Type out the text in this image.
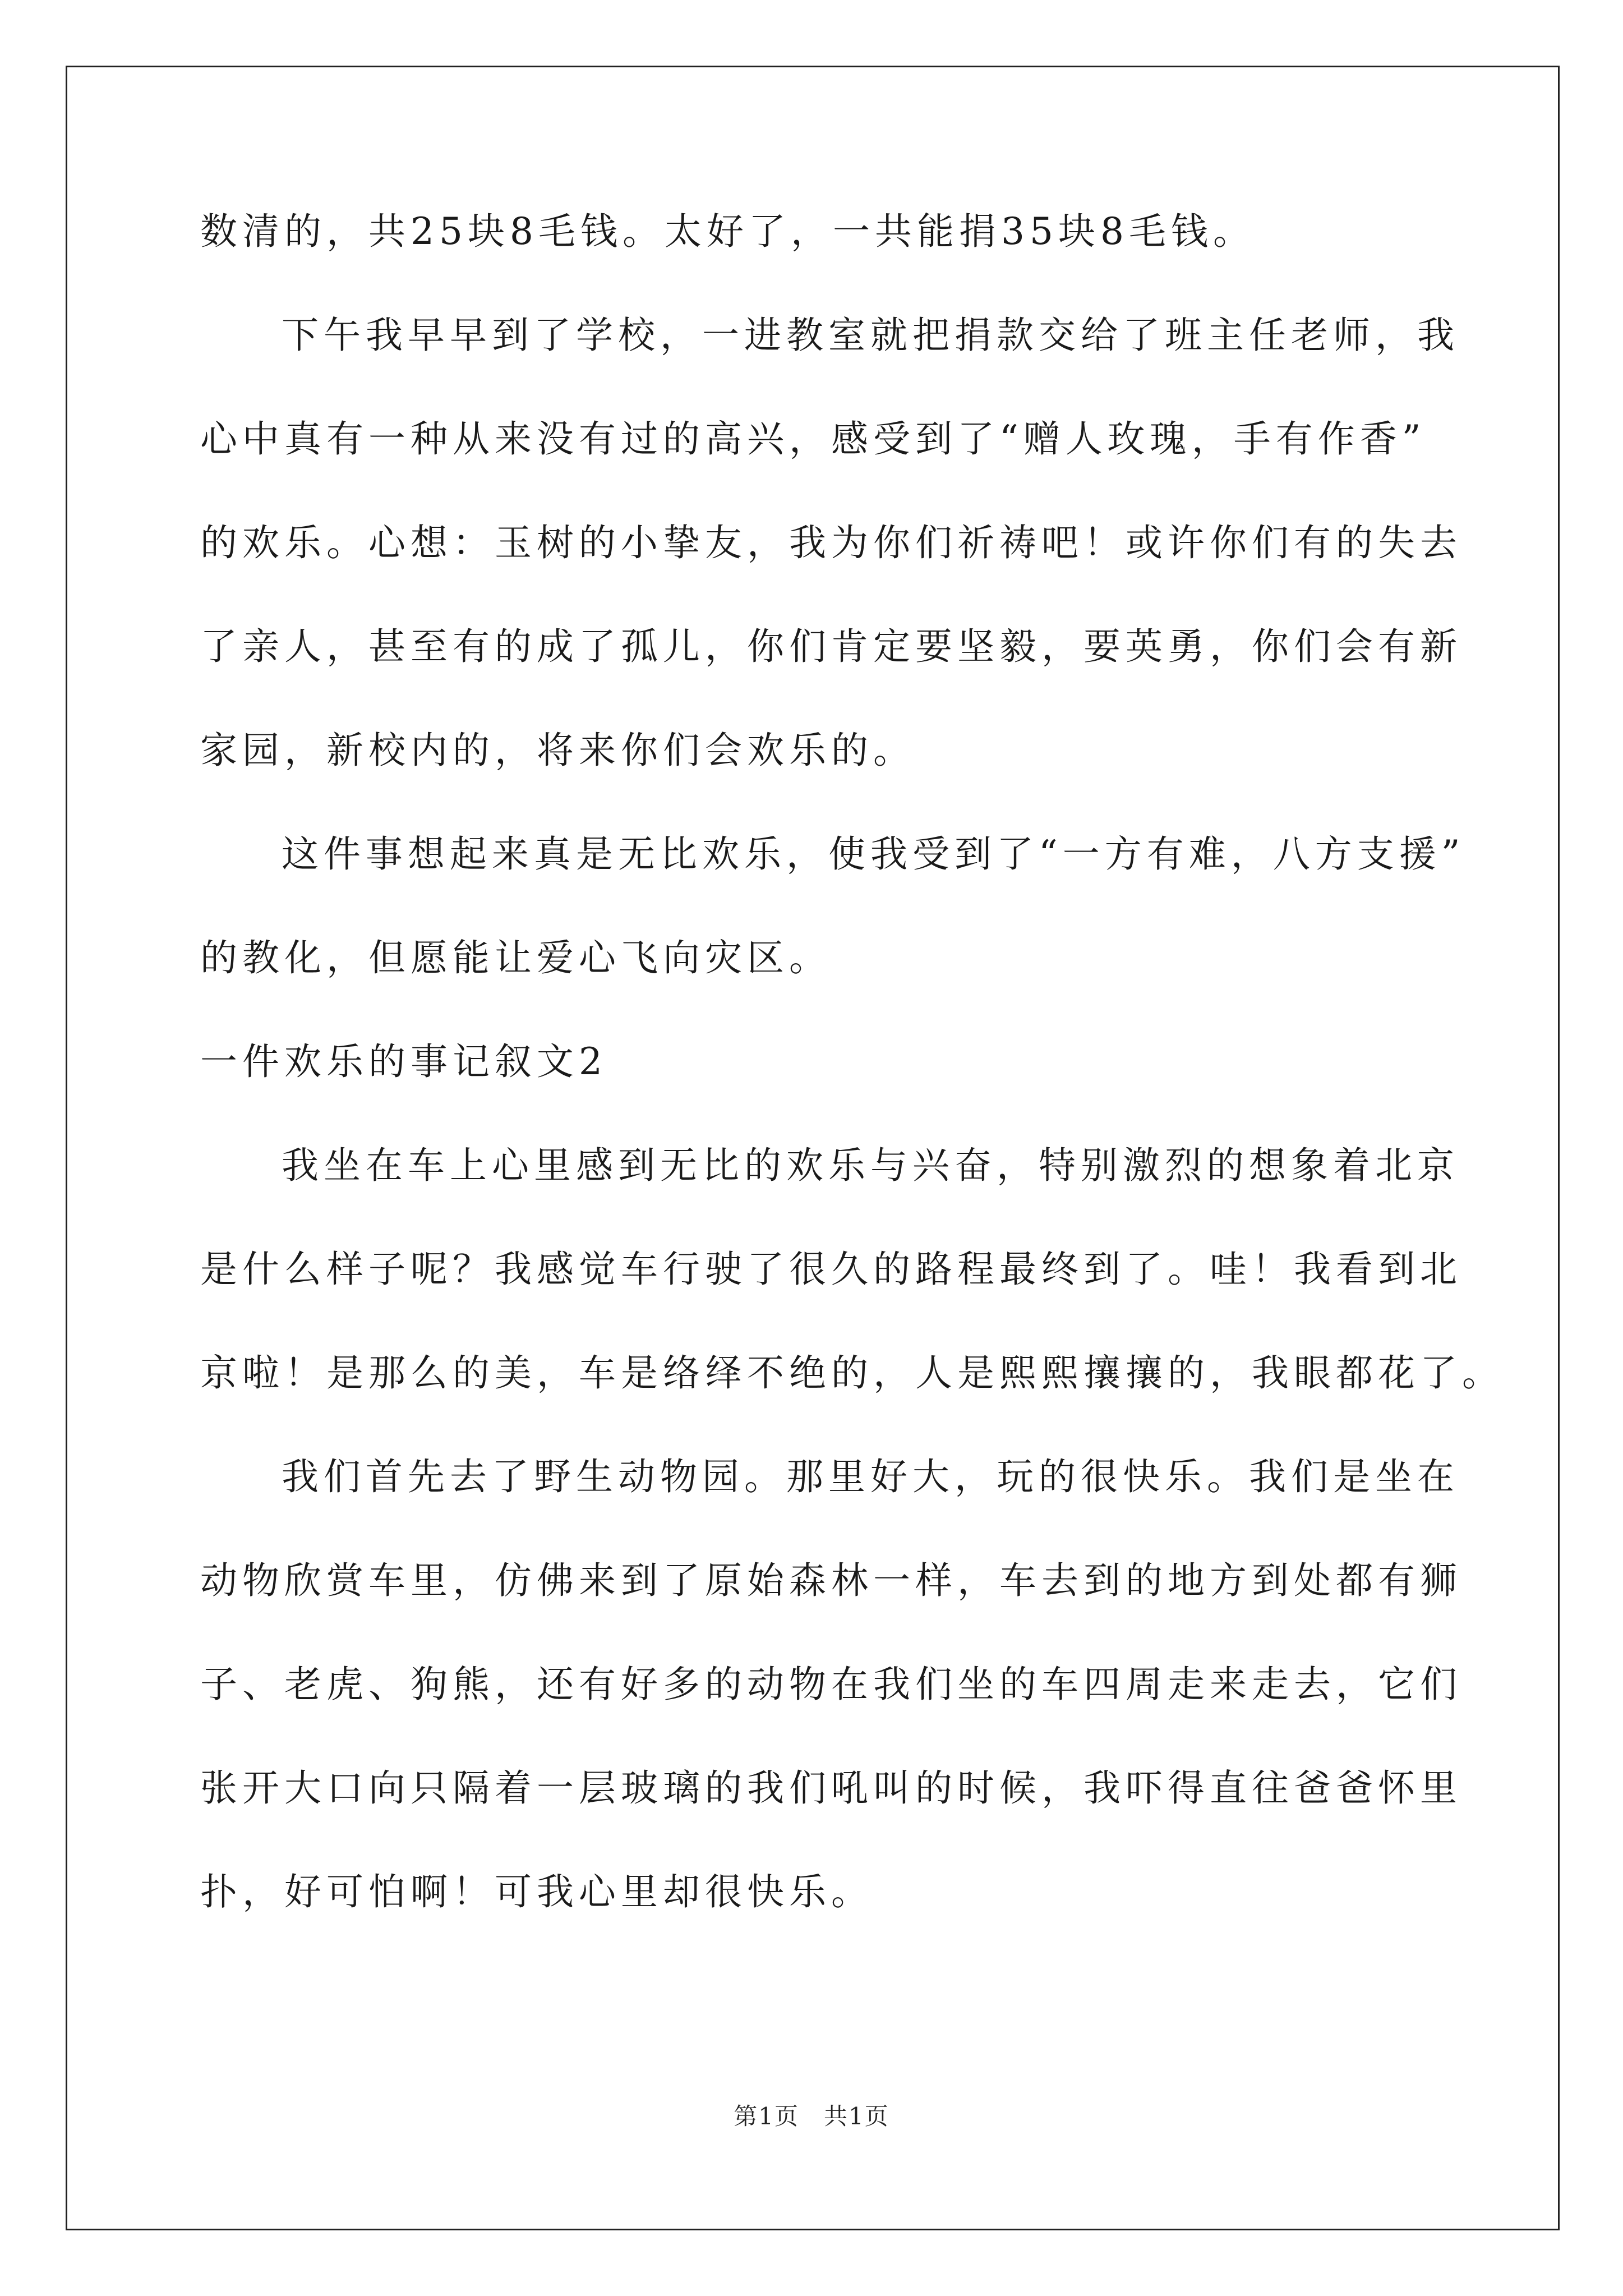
数清的，共25块8毛钱。太好了，一共能捐35块8毛钱。
下午我早早到了学校，一进教室就把捐款交给了班主任老师，我
心中真有一种从来没有过的高兴，感受到了“赠人玫瑰，手有作香”
的欢乐。心想：玉树的小挚友，我为你们祈祷吧！或许你们有的失去
了亲人，甚至有的成了孤儿，你们肯定要坚毅，要英勇，你们会有新
家园，新校内的，将来你们会欢乐的。
这件事想起来真是无比欢乐，使我受到了“一方有难，八方支援”
的教化，但愿能让爱心飞向灾区。
一件欢乐的事记叙文2
我坐在车上心里感到无比的欢乐与兴奋，特别激烈的想象着北京
是什么样子呢？我感觉车行驶了很久的路程最终到了。哇！我看到北
京啦！是那么的美，车是络绎不绝的，人是熙熙攘攘的，我眼都花了。
我们首先去了野生动物园。那里好大，玩的很快乐。我们是坐在
动物欣赏车里，仿佛来到了原始森林一样，车去到的地方到处都有狮
子、老虎、狗熊，还有好多的动物在我们坐的车四周走来走去，它们
张开大口向只隔着一层玻璃的我们吼叫的时候，我吓得直往爸爸怀里
扑，好可怕啊！可我心里却很快乐。
第1页　共1页
